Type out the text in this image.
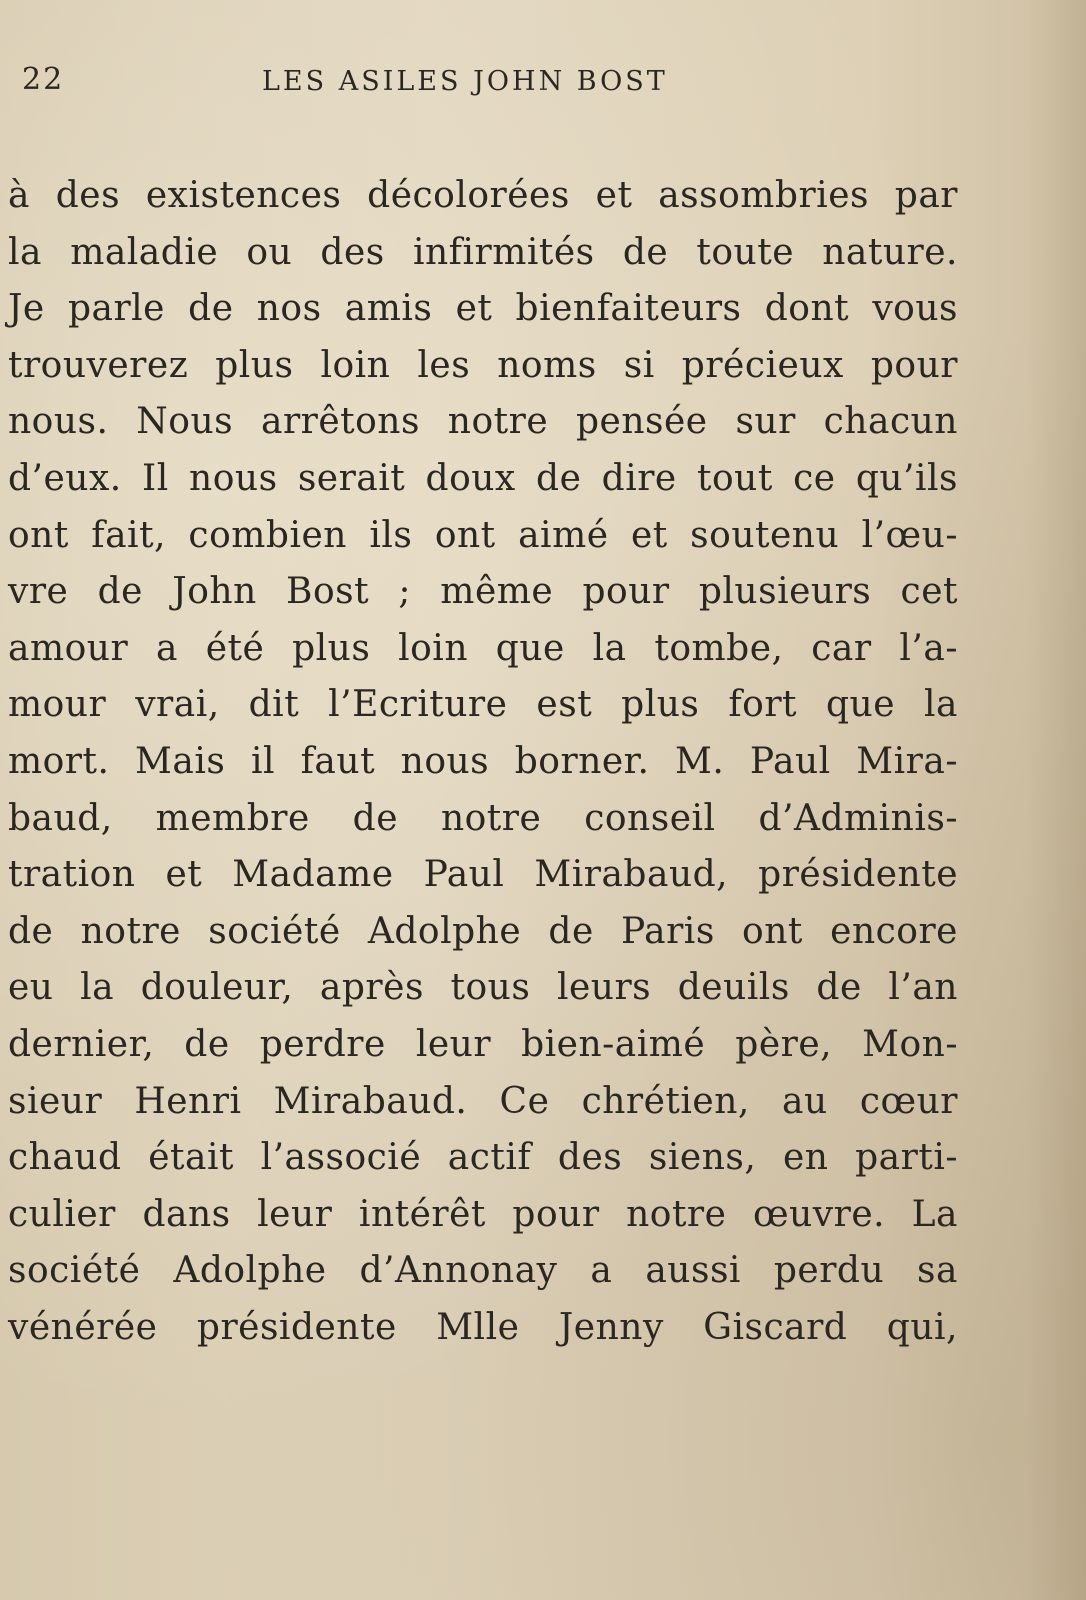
22	LES ASILES JOHN BOST
à des existences décolorées et assombries par
la maladie ou des infirmités de toute nature.
Je parle de nos amis et bienfaiteurs dont vous
trouverez plus loin les noms si précieux pour
nous. Nous arrêtons notre pensée sur chacun
d’eux. Il nous serait doux de dire tout ce qu’ils
ont fait, combien ils ont aimé et soutenu l’œu-
vre de John Bost ; même pour plusieurs cet
amour a été plus loin que la tombe, car l’a-
mour vrai, dit l’Ecriture est plus fort que la
mort. Mais il faut nous borner. M. Paul Mira-
baud, membre de notre conseil d’Adminis-
tration et Madame Paul Mirabaud, présidente
de notre société Adolphe de Paris ont encore
eu la douleur, après tous leurs deuils de l’an
dernier, de perdre leur bien-aimé père, Mon-
sieur Henri Mirabaud. Ce chrétien, au cœur
chaud était l’associé actif des siens, en parti-
culier dans leur intérêt pour notre œuvre. La
société Adolphe d’Annonay a aussi perdu sa
vénérée présidente Mlle Jenny Giscard qui,
